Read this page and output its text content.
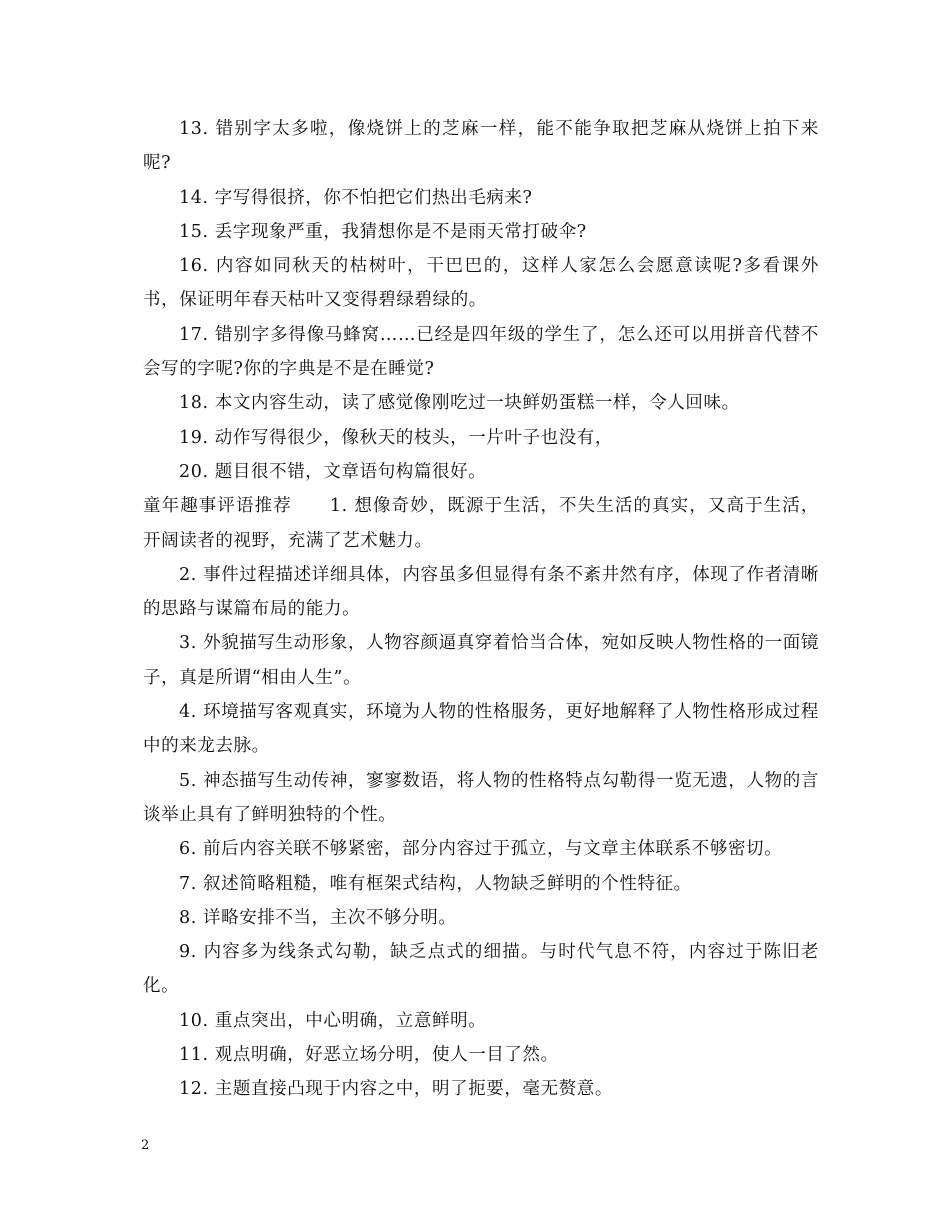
13. 错别字太多啦，像烧饼上的芝麻一样，能不能争取把芝麻从烧饼上拍下来呢?

14. 字写得很挤，你不怕把它们热出毛病来?

15. 丢字现象严重，我猜想你是不是雨天常打破伞?

16. 内容如同秋天的枯树叶，干巴巴的，这样人家怎么会愿意读呢?多看课外书，保证明年春天枯叶又变得碧绿碧绿的。

17. 错别字多得像马蜂窝……已经是四年级的学生了，怎么还可以用拼音代替不会写的字呢?你的字典是不是在睡觉?

18. 本文内容生动，读了感觉像刚吃过一块鲜奶蛋糕一样，令人回味。

19. 动作写得很少，像秋天的枝头，一片叶子也没有，

20. 题目很不错，文章语句构篇很好。

童年趣事评语推荐 1. 想像奇妙，既源于生活，不失生活的真实，又高于生活，开阔读者的视野，充满了艺术魅力。

2. 事件过程描述详细具体，内容虽多但显得有条不紊井然有序，体现了作者清晰的思路与谋篇布局的能力。

3. 外貌描写生动形象，人物容颜逼真穿着恰当合体，宛如反映人物性格的一面镜子，真是所谓“相由人生”。

4. 环境描写客观真实，环境为人物的性格服务，更好地解释了人物性格形成过程中的来龙去脉。

5. 神态描写生动传神，寥寥数语，将人物的性格特点勾勒得一览无遗，人物的言谈举止具有了鲜明独特的个性。

6. 前后内容关联不够紧密，部分内容过于孤立，与文章主体联系不够密切。

7. 叙述简略粗糙，唯有框架式结构，人物缺乏鲜明的个性特征。

8. 详略安排不当，主次不够分明。

9. 内容多为线条式勾勒，缺乏点式的细描。与时代气息不符，内容过于陈旧老化。

10. 重点突出，中心明确，立意鲜明。

11. 观点明确，好恶立场分明，使人一目了然。

12. 主题直接凸现于内容之中，明了扼要，毫无赘意。

2
